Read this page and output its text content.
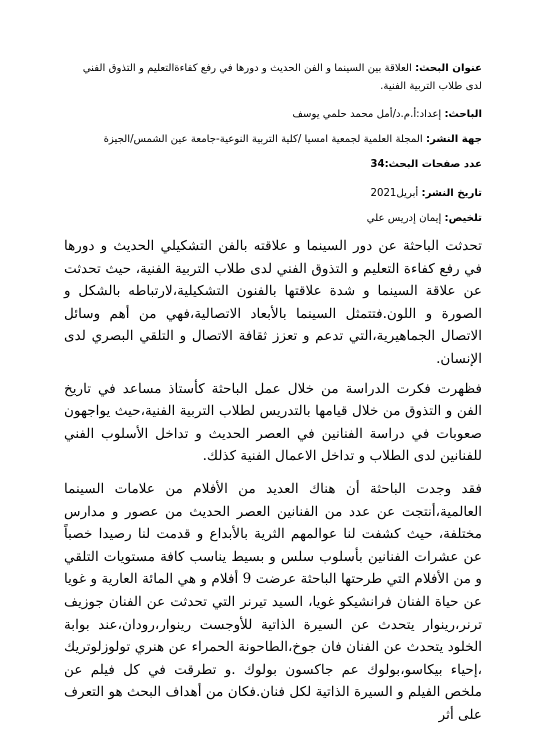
عنوان البحث: العلاقة بين السينما و الفن الحديث و دورها في رفع كفاءةالتعليم و التذوق الفني لدى طلاب التربية الفنية.
الباحث: إعداد:أ.م.د/أمل محمد حلمي يوسف
جهة النشر: المجلة العلمية لجمعية امسيا /كلية التربية النوعية-جامعة عين الشمس/الجيزة
عدد صفحات البحث:34
تاريخ النشر: أبريل2021
تلخيص: إيمان إدريس علي

تحدثت الباحثة عن دور السينما و علاقته بالفن التشكيلي الحديث و دورها في رفع كفاءة التعليم و التذوق الفني لدى طلاب التربية الفنية، حيث تحدثت عن علاقة السينما و شدة علاقتها بالفنون التشكيلية،لارتباطه بالشكل و الصورة و اللون.فتتمثل السينما بالأبعاد الاتصالية،فهي من أهم وسائل الاتصال الجماهيرية،التي تدعم و تعزز ثقافة الاتصال و التلقي البصري لدى الإنسان.

فظهرت فكرت الدراسة من خلال عمل الباحثة كأستاذ مساعد في تاريخ الفن و التذوق من خلال قيامها بالتدريس لطلاب التربية الفنية،حيث يواجهون صعوبات في دراسة الفنانين في العصر الحديث و تداخل الأسلوب الفني للفنانين لدى الطلاب و تداخل الاعمال الفنية كذلك.

فقد وجدت الباحثة أن هناك العديد من الأفلام من علامات السينما العالمية،أنتجت عن عدد من الفنانين العصر الحديث من عصور و مدارس مختلفة، حيث كشفت لنا عوالمهم الثرية بالأبداع و قدمت لنا رصيدا خصباً عن عشرات الفنانين بأسلوب سلس و بسيط يناسب كافة مستويات التلقي و من الأفلام التي طرحتها الباحثة عرضت 9 أفلام و هي المائة العارية و غويا عن حياة الفنان فرانشيكو غويا، السيد تيرنر التي تحدثت عن الفنان جوزيف ترنر،رينوار يتحدث عن السيرة الذاتية للأوجست رينوار،رودان،عند بوابة الخلود يتحدث عن الفنان فان جوخ،الطاحونة الحمراء عن هنري تولوزلوتريك ،إحياء بيكاسو،بولوك عم جاكسون بولوك .و تطرقت في كل فيلم عن ملخص الفيلم و السيرة الذاتية لكل فنان.فكان من أهداف البحث هو التعرف على أثر
